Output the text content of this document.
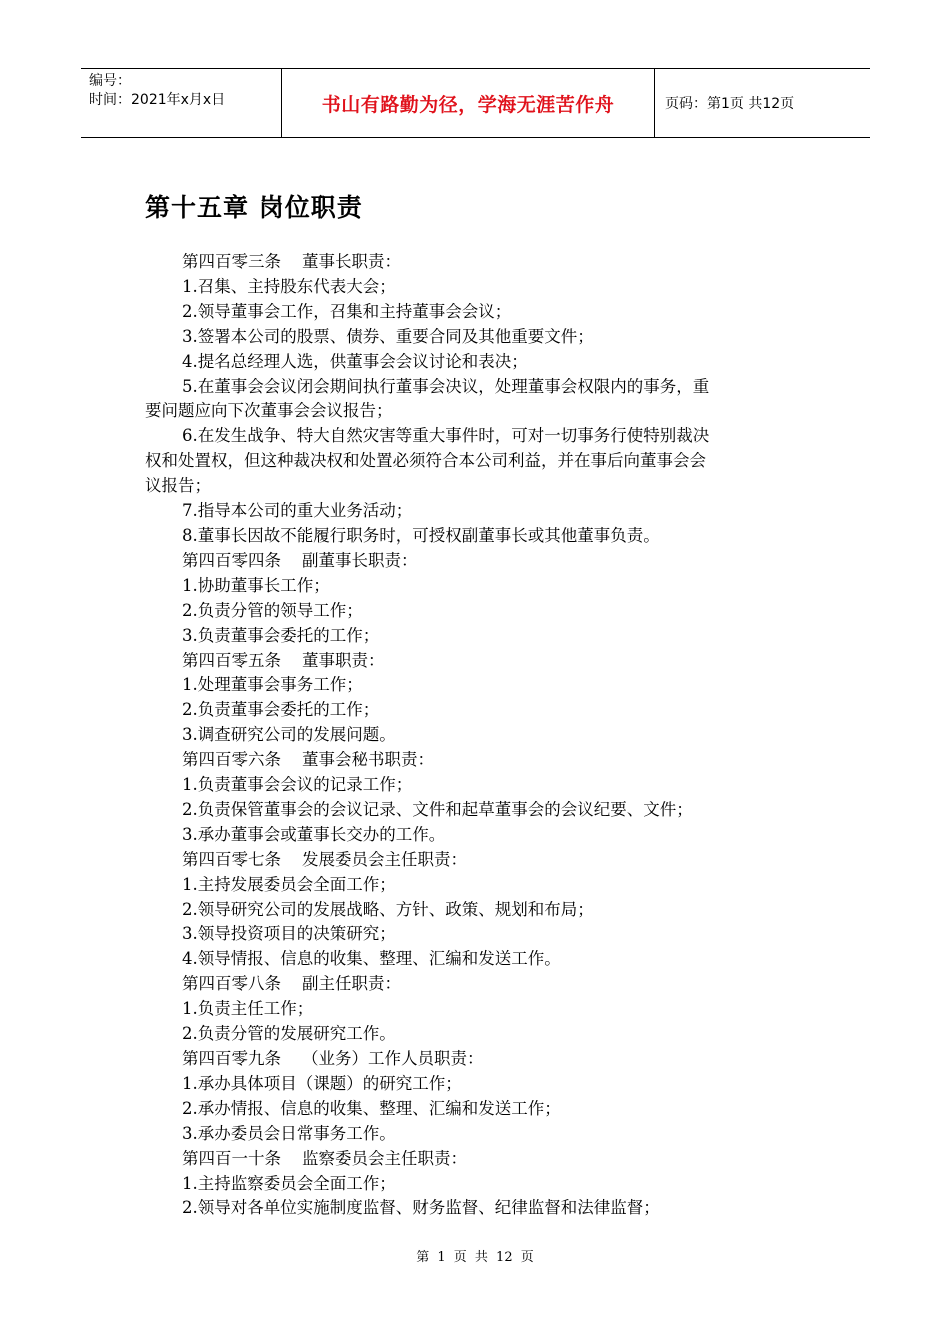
编号：
时间：2021年x月x日	书山有路勤为径，学海无涯苦作舟	页码：第1页 共12页
第十五章 岗位职责
第四百零三条    董事长职责：
1.召集、主持股东代表大会；
2.领导董事会工作，召集和主持董事会会议；
3.签署本公司的股票、债券、重要合同及其他重要文件；
4.提名总经理人选，供董事会会议讨论和表决；
5.在董事会会议闭会期间执行董事会决议，处理董事会权限内的事务，重
要问题应向下次董事会会议报告；
6.在发生战争、特大自然灾害等重大事件时，可对一切事务行使特别裁决
权和处置权，但这种裁决权和处置必须符合本公司利益，并在事后向董事会会
议报告；
7.指导本公司的重大业务活动；
8.董事长因故不能履行职务时，可授权副董事长或其他董事负责。
第四百零四条    副董事长职责：
1.协助董事长工作；
2.负责分管的领导工作；
3.负责董事会委托的工作；
第四百零五条    董事职责：
1.处理董事会事务工作；
2.负责董事会委托的工作；
3.调查研究公司的发展问题。
第四百零六条    董事会秘书职责：
1.负责董事会会议的记录工作；
2.负责保管董事会的会议记录、文件和起草董事会的会议纪要、文件；
3.承办董事会或董事长交办的工作。
第四百零七条    发展委员会主任职责：
1.主持发展委员会全面工作；
2.领导研究公司的发展战略、方针、政策、规划和布局；
3.领导投资项目的决策研究；
4.领导情报、信息的收集、整理、汇编和发送工作。
第四百零八条    副主任职责：
1.负责主任工作；
2.负责分管的发展研究工作。
第四百零九条    （业务）工作人员职责：
1.承办具体项目（课题）的研究工作；
2.承办情报、信息的收集、整理、汇编和发送工作；
3.承办委员会日常事务工作。
第四百一十条    监察委员会主任职责：
1.主持监察委员会全面工作；
2.领导对各单位实施制度监督、财务监督、纪律监督和法律监督；
第 1 页 共 12 页
